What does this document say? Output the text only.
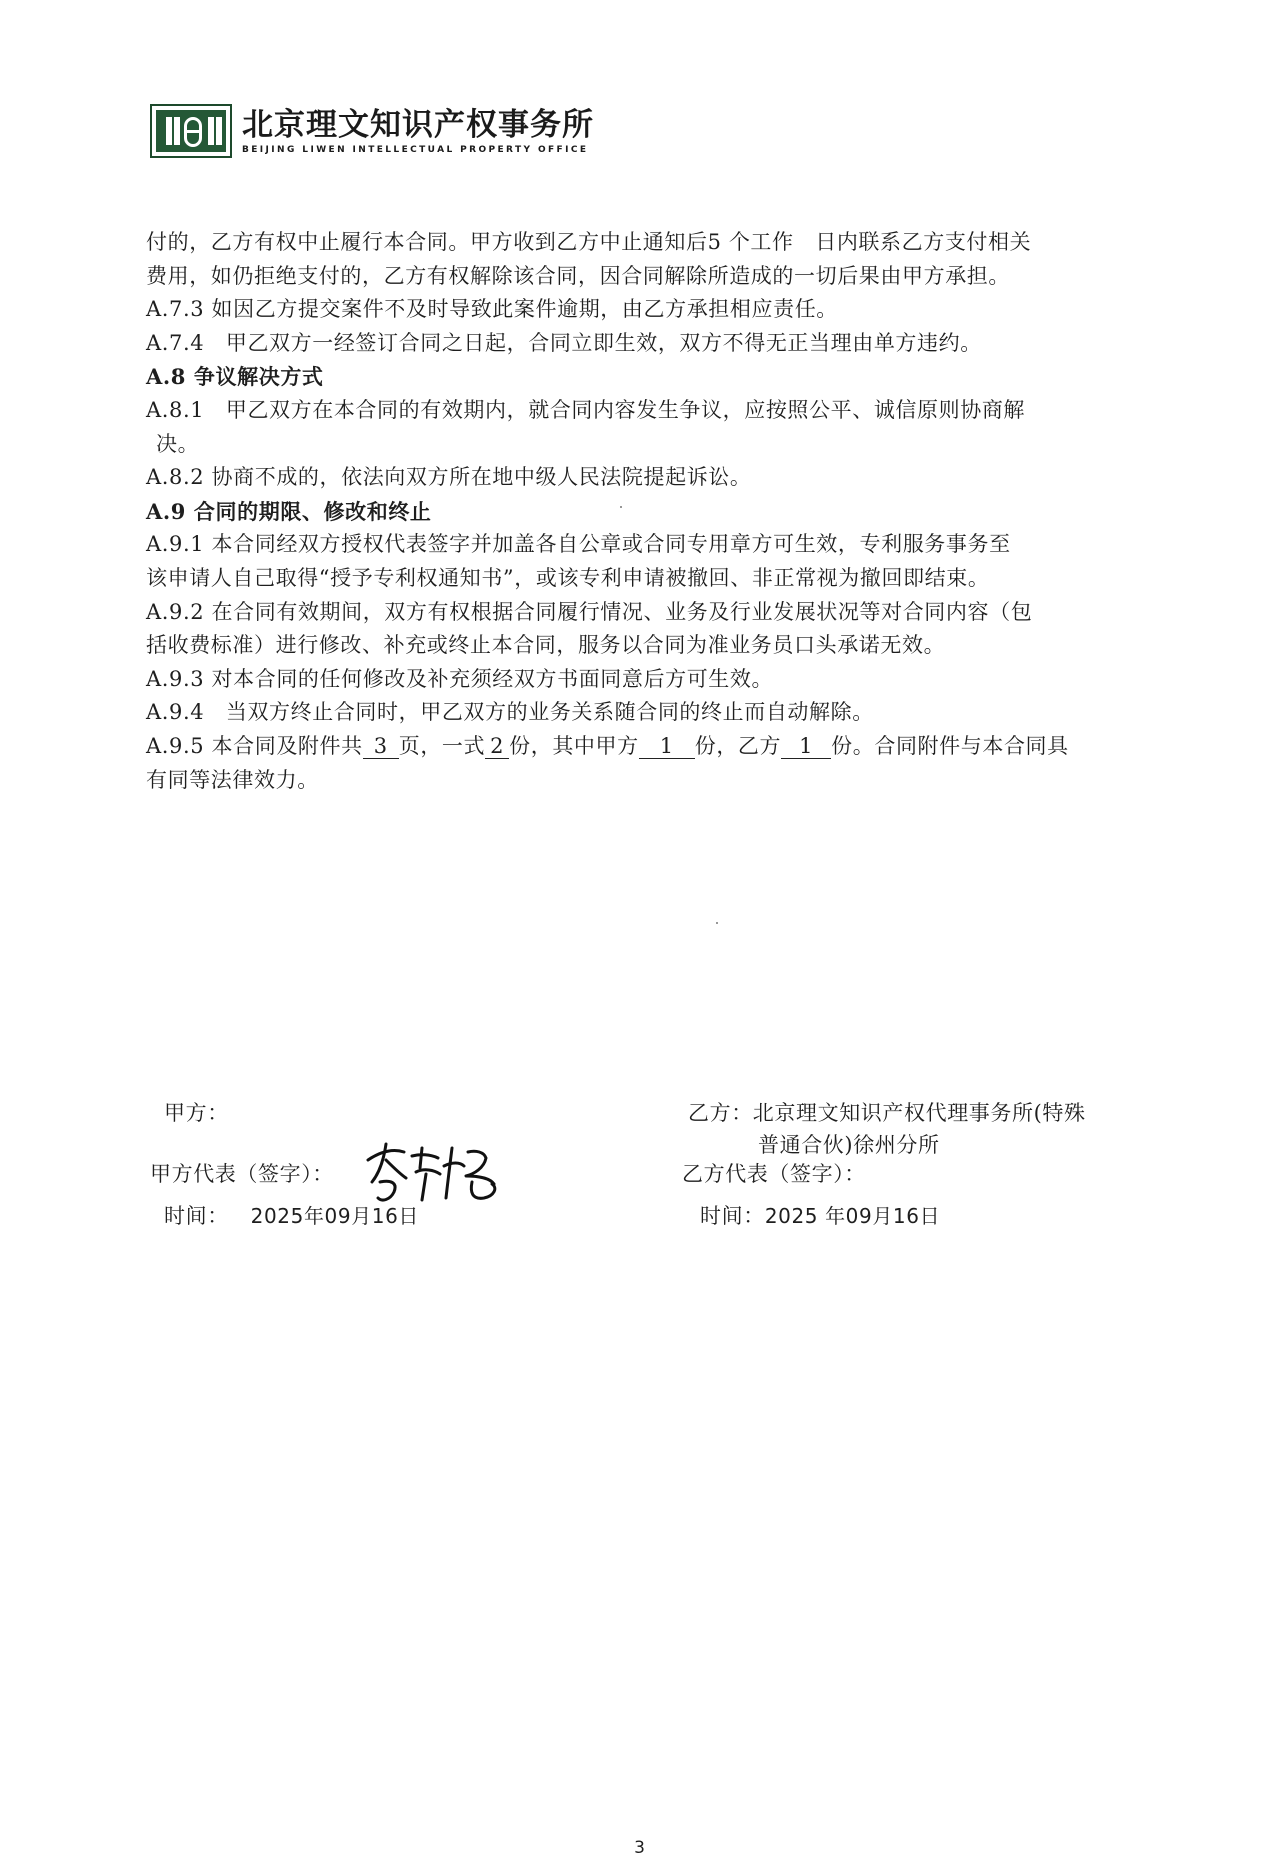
北京理文知识产权事务所
BEIJING LIWEN INTELLECTUAL PROPERTY OFFICE
付的，乙方有权中止履行本合同。甲方收到乙方中止通知后5 个工作　日内联系乙方支付相关
费用，如仍拒绝支付的，乙方有权解除该合同，因合同解除所造成的一切后果由甲方承担。
A.7.3 如因乙方提交案件不及时导致此案件逾期，由乙方承担相应责任。
A.7.4　甲乙双方一经签订合同之日起，合同立即生效，双方不得无正当理由单方违约。
A.8 争议解决方式
A.8.1　甲乙双方在本合同的有效期内，就合同内容发生争议，应按照公平、诚信原则协商解
决。
A.8.2 协商不成的，依法向双方所在地中级人民法院提起诉讼。
A.9 合同的期限、修改和终止
A.9.1 本合同经双方授权代表签字并加盖各自公章或合同专用章方可生效，专利服务事务至
该申请人自己取得“授予专利权通知书”，或该专利申请被撤回、非正常视为撤回即结束。
A.9.2 在合同有效期间，双方有权根据合同履行情况、业务及行业发展状况等对合同内容（包
括收费标准）进行修改、补充或终止本合同，服务以合同为准业务员口头承诺无效。
A.9.3 对本合同的任何修改及补充须经双方书面同意后方可生效。
A.9.4　当双方终止合同时，甲乙双方的业务关系随合同的终止而自动解除。
A.9.5 本合同及附件共 3 页，一式 2 份，其中甲方 1 份，乙方 1 份。合同附件与本合同具
有同等法律效力。
甲方：
甲方代表（签字）：
时间： 2025年09月16日
乙方：北京理文知识产权代理事务所(特殊
普通合伙)徐州分所
乙方代表（签字）：
时间：2025 年09月16日
3
